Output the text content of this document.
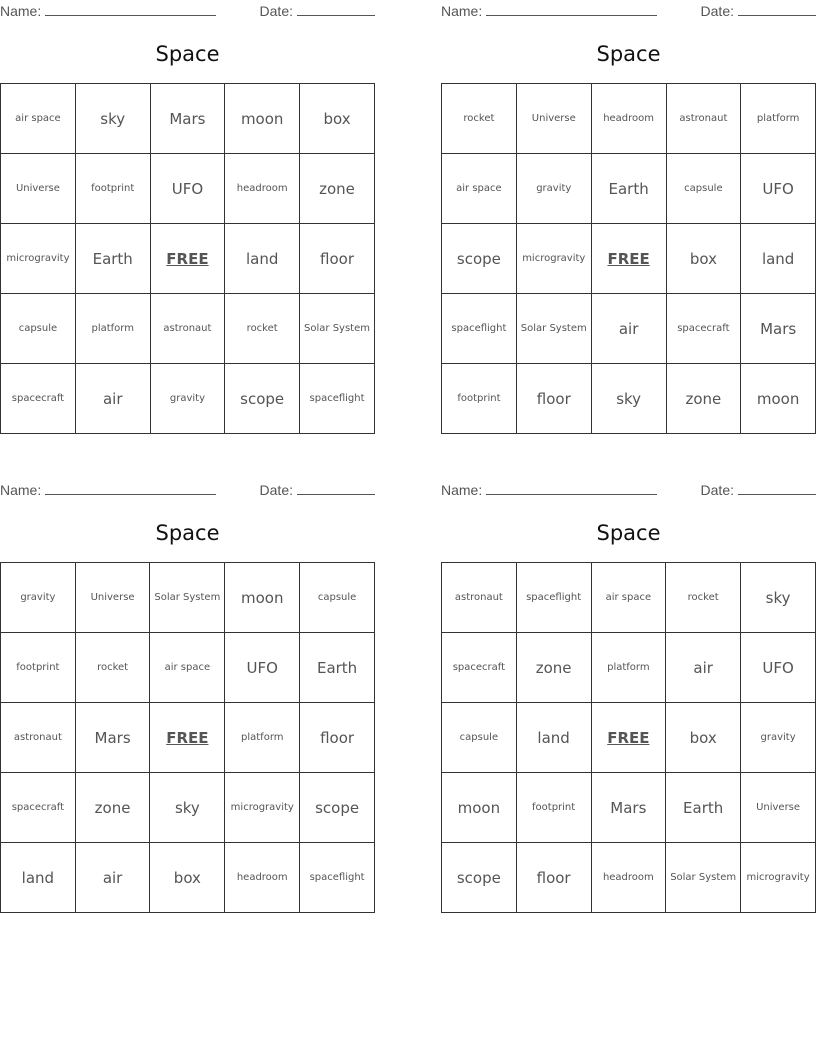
Name:	Date:
Space
air space	sky	Mars	moon	box
Universe	footprint	UFO	headroom	zone
microgravity	Earth	FREE	land	floor
capsule	platform	astronaut	rocket	Solar System
spacecraft	air	gravity	scope	spaceflight
Name:	Date:
Space
rocket	Universe	headroom	astronaut	platform
air space	gravity	Earth	capsule	UFO
scope	microgravity	FREE	box	land
spaceflight	Solar System	air	spacecraft	Mars
footprint	floor	sky	zone	moon
Name:	Date:
Space
gravity	Universe	Solar System	moon	capsule
footprint	rocket	air space	UFO	Earth
astronaut	Mars	FREE	platform	floor
spacecraft	zone	sky	microgravity	scope
land	air	box	headroom	spaceflight
Name:	Date:
Space
astronaut	spaceflight	air space	rocket	sky
spacecraft	zone	platform	air	UFO
capsule	land	FREE	box	gravity
moon	footprint	Mars	Earth	Universe
scope	floor	headroom	Solar System	microgravity
